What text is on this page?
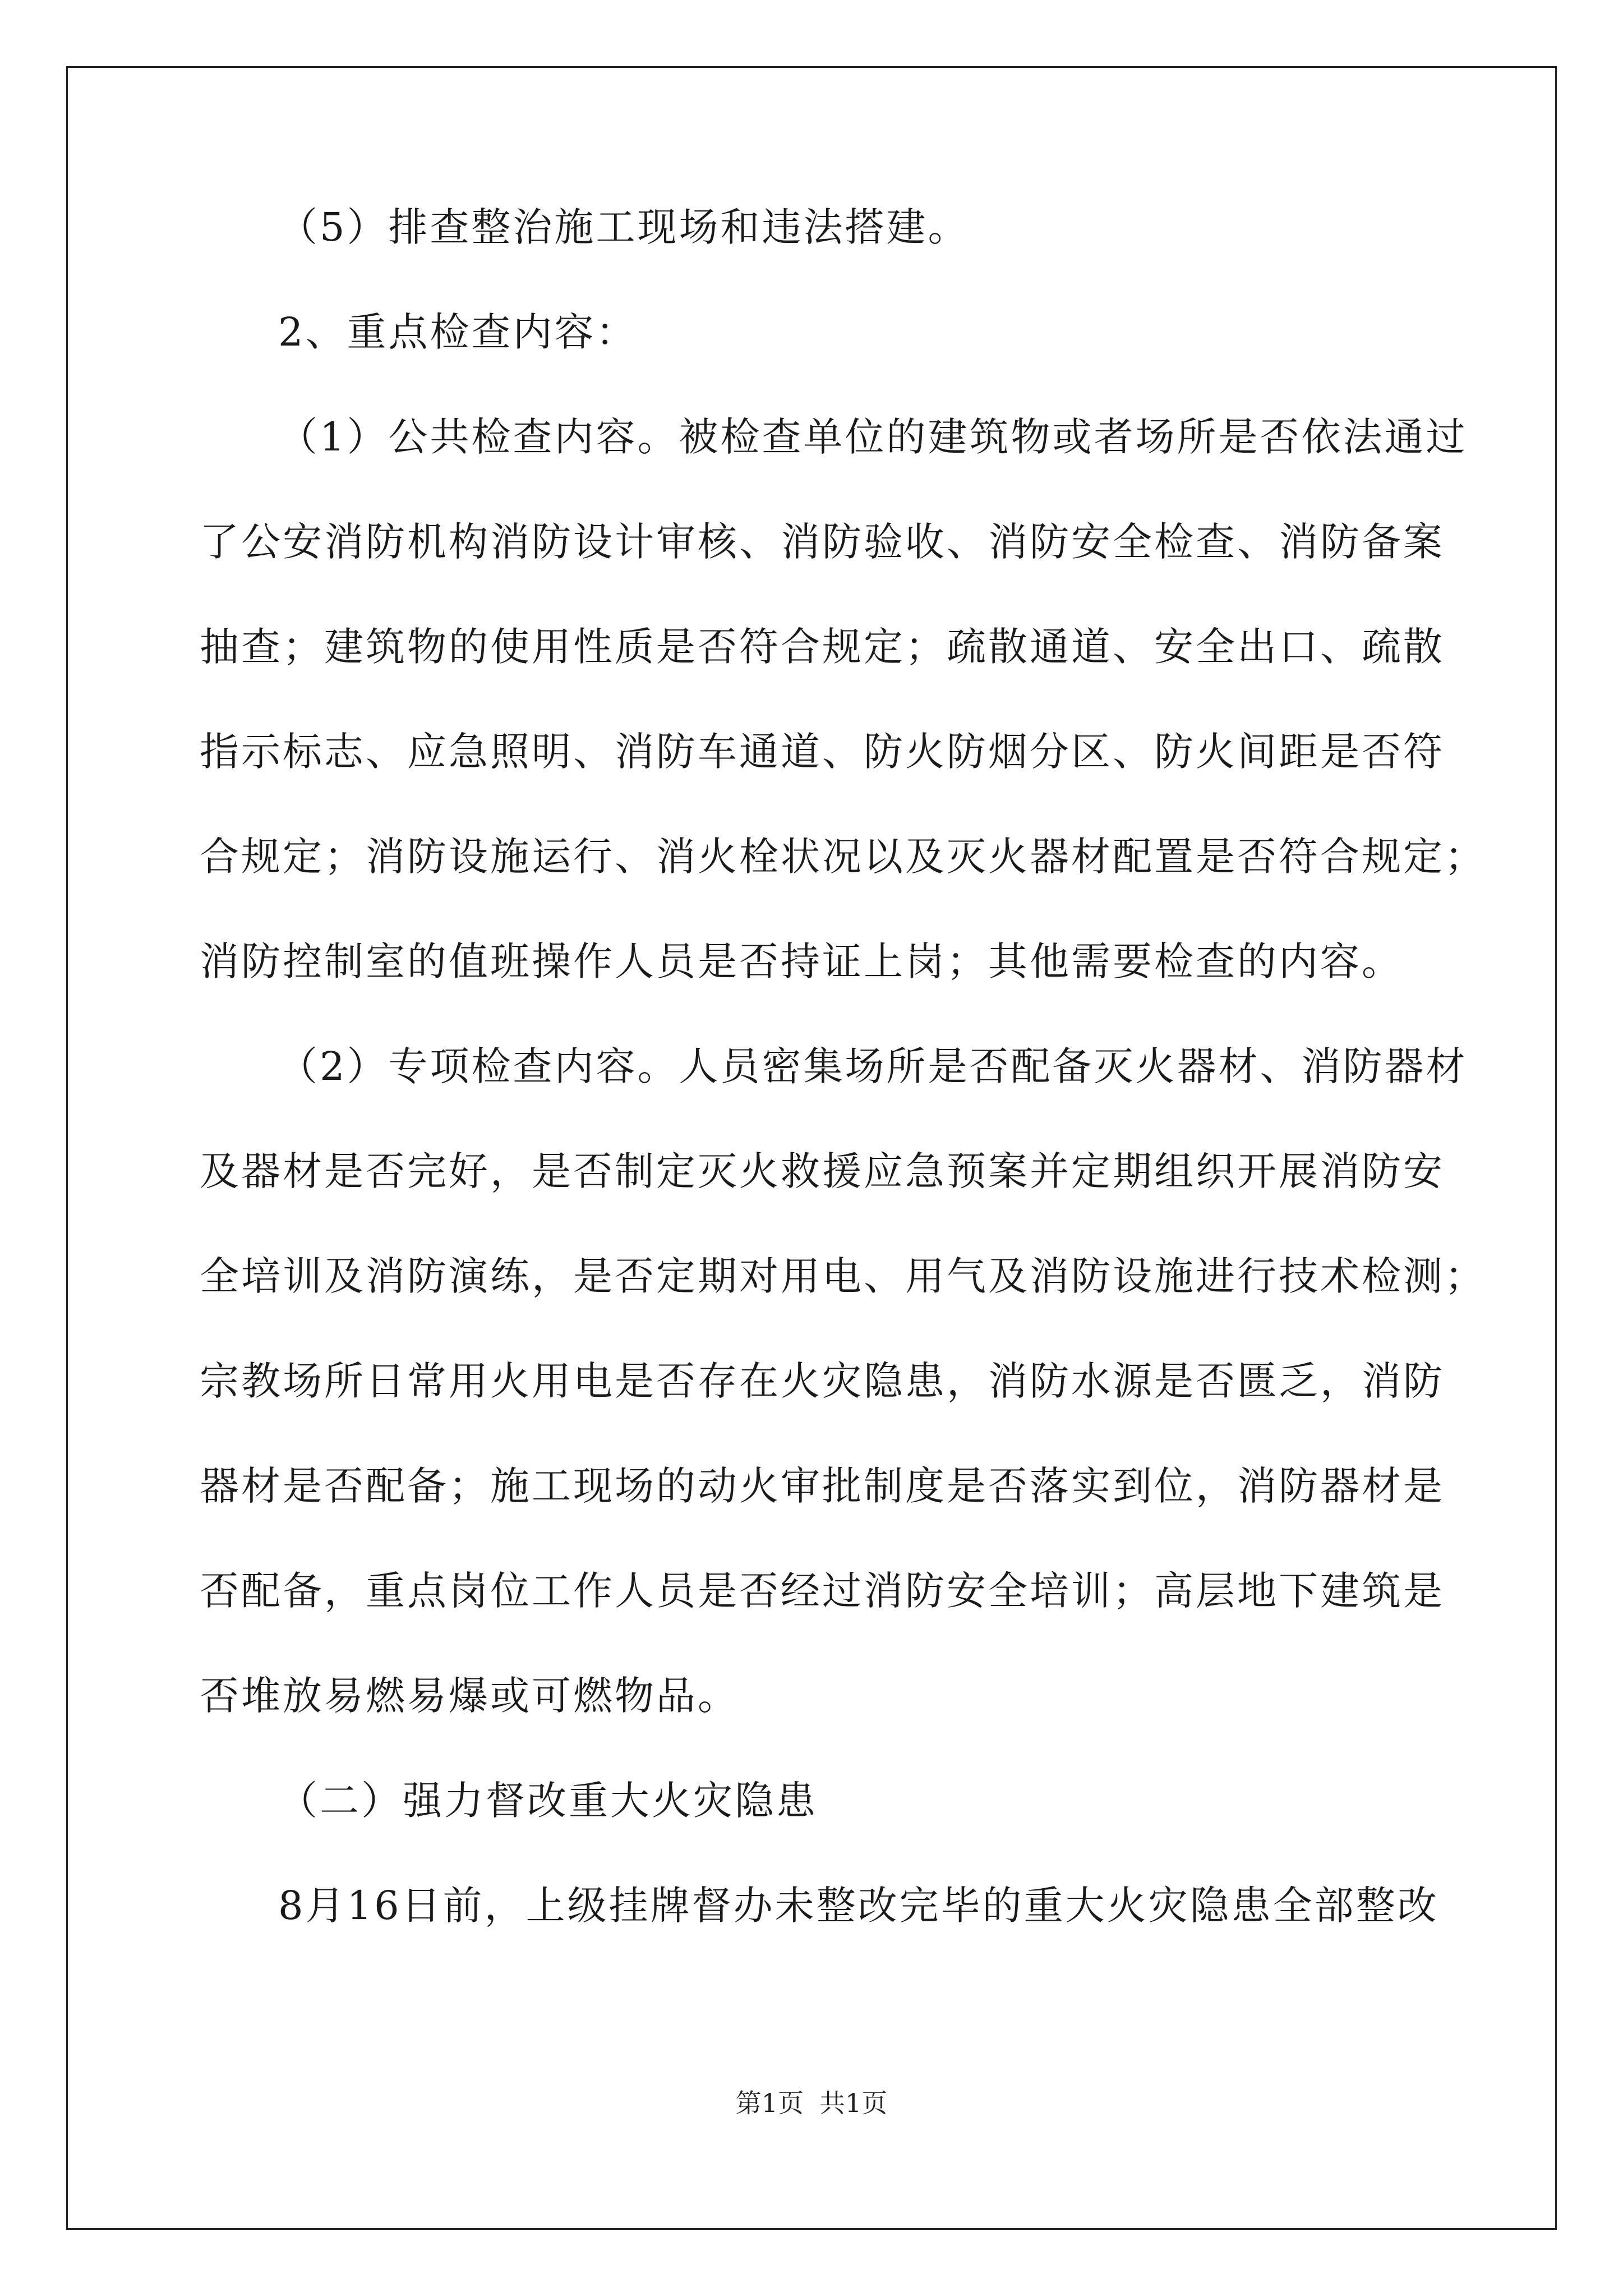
（5）排查整治施工现场和违法搭建。
2、重点检查内容：
（1）公共检查内容。被检查单位的建筑物或者场所是否依法通过
了公安消防机构消防设计审核、消防验收、消防安全检查、消防备案
抽查；建筑物的使用性质是否符合规定；疏散通道、安全出口、疏散
指示标志、应急照明、消防车通道、防火防烟分区、防火间距是否符
合规定；消防设施运行、消火栓状况以及灭火器材配置是否符合规定；
消防控制室的值班操作人员是否持证上岗；其他需要检查的内容。
（2）专项检查内容。人员密集场所是否配备灭火器材、消防器材
及器材是否完好，是否制定灭火救援应急预案并定期组织开展消防安
全培训及消防演练，是否定期对用电、用气及消防设施进行技术检测；
宗教场所日常用火用电是否存在火灾隐患，消防水源是否匮乏，消防
器材是否配备；施工现场的动火审批制度是否落实到位，消防器材是
否配备，重点岗位工作人员是否经过消防安全培训；高层地下建筑是
否堆放易燃易爆或可燃物品。
（二）强力督改重大火灾隐患
8月16日前，上级挂牌督办未整改完毕的重大火灾隐患全部整改
第1页 共1页
